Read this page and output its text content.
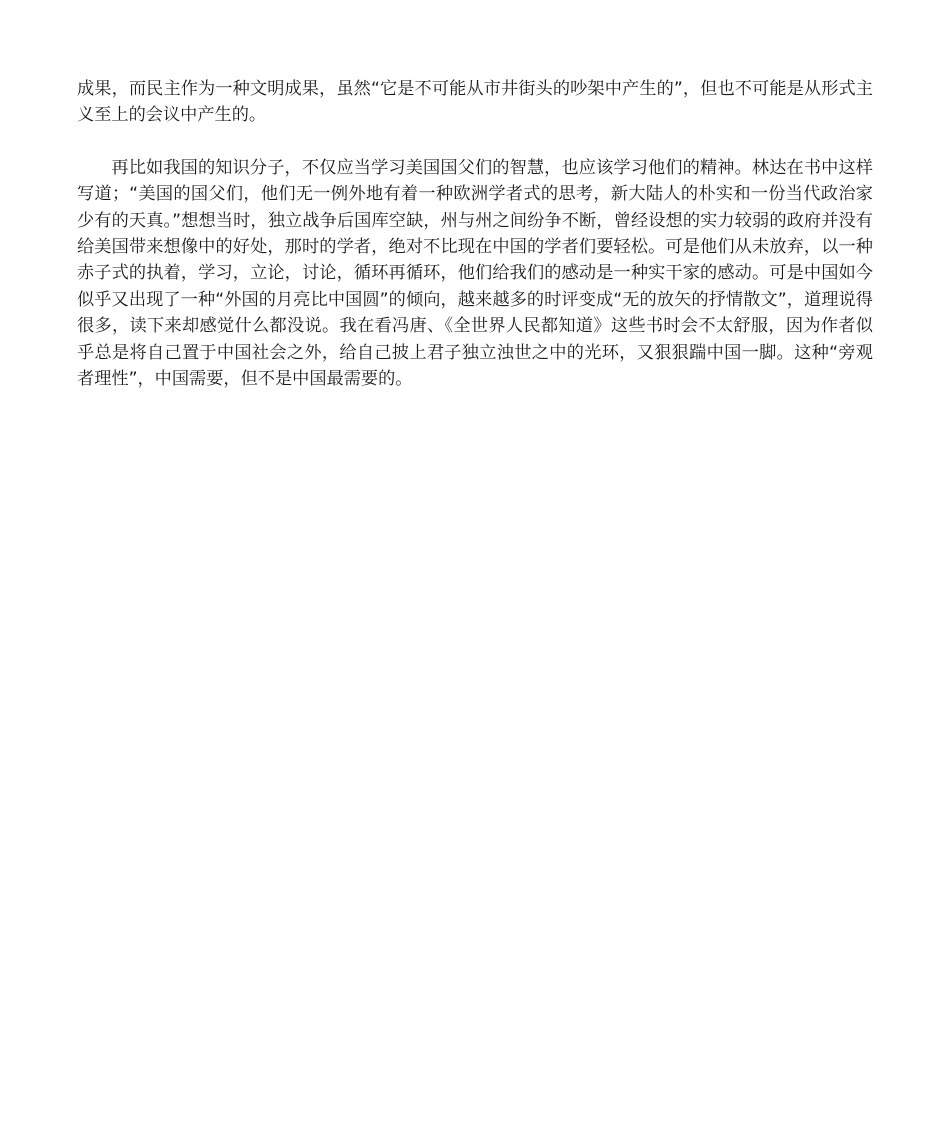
成果，而民主作为一种文明成果，虽然“它是不可能从市井街头的吵架中产生的”，但也不可能是从形式主义至上的会议中产生的。

再比如我国的知识分子，不仅应当学习美国国父们的智慧，也应该学习他们的精神。林达在书中这样写道；“美国的国父们，他们无一例外地有着一种欧洲学者式的思考，新大陆人的朴实和一份当代政治家少有的天真。”想想当时，独立战争后国库空缺，州与州之间纷争不断，曾经设想的实力较弱的政府并没有给美国带来想像中的好处，那时的学者，绝对不比现在中国的学者们要轻松。可是他们从未放弃，以一种赤子式的执着，学习，立论，讨论，循环再循环，他们给我们的感动是一种实干家的感动。可是中国如今似乎又出现了一种“外国的月亮比中国圆”的倾向，越来越多的时评变成“无的放矢的抒情散文”，道理说得很多，读下来却感觉什么都没说。我在看冯唐、《全世界人民都知道》这些书时会不太舒服，因为作者似乎总是将自己置于中国社会之外，给自己披上君子独立浊世之中的光环，又狠狠踹中国一脚。这种“旁观者理性”，中国需要，但不是中国最需要的。
